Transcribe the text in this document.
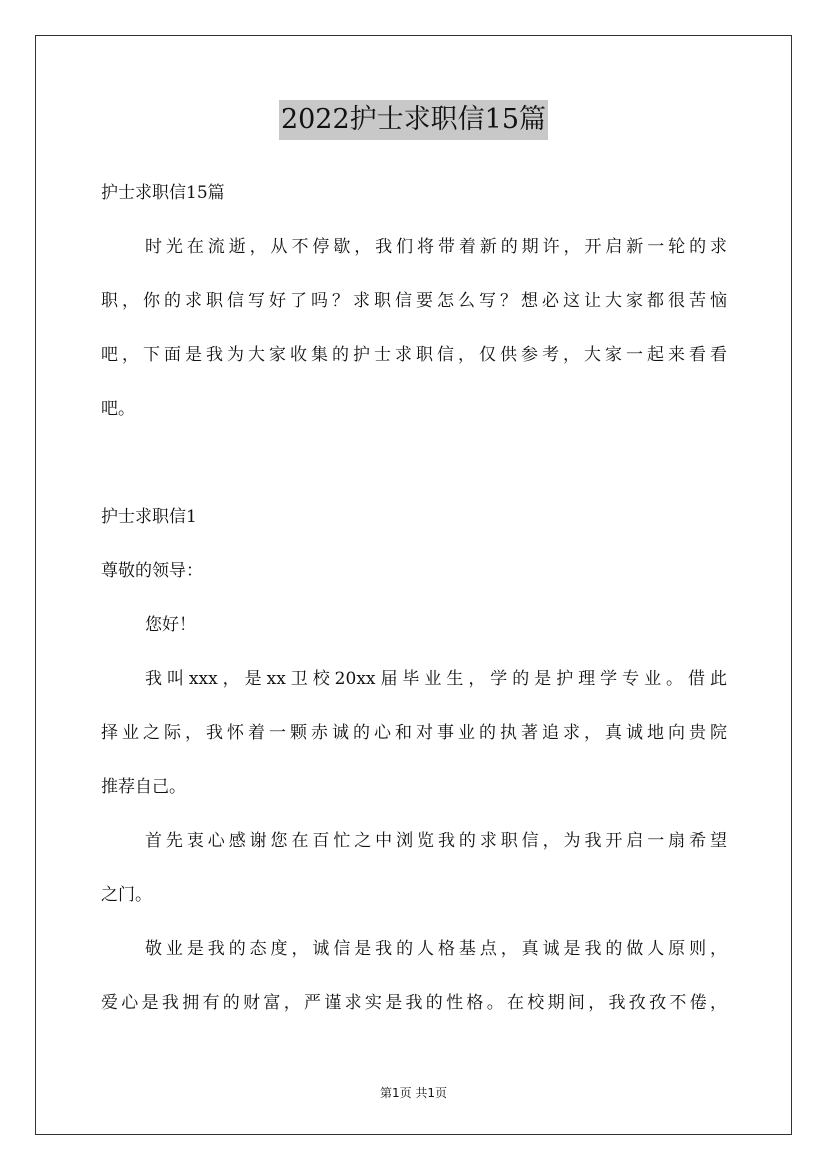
2022护士求职信15篇
护士求职信15篇
时光在流逝，从不停歇，我们将带着新的期许，开启新一轮的求
职，你的求职信写好了吗？求职信要怎么写？想必这让大家都很苦恼
吧，下面是我为大家收集的护士求职信，仅供参考，大家一起来看看
吧。
护士求职信1
尊敬的领导：
您好！
我叫xxx，是xx卫校20xx届毕业生，学的是护理学专业。借此
择业之际，我怀着一颗赤诚的心和对事业的执著追求，真诚地向贵院
推荐自己。
首先衷心感谢您在百忙之中浏览我的求职信，为我开启一扇希望
之门。
敬业是我的态度，诚信是我的人格基点，真诚是我的做人原则，
爱心是我拥有的财富，严谨求实是我的性格。在校期间，我孜孜不倦，
第1页 共1页
